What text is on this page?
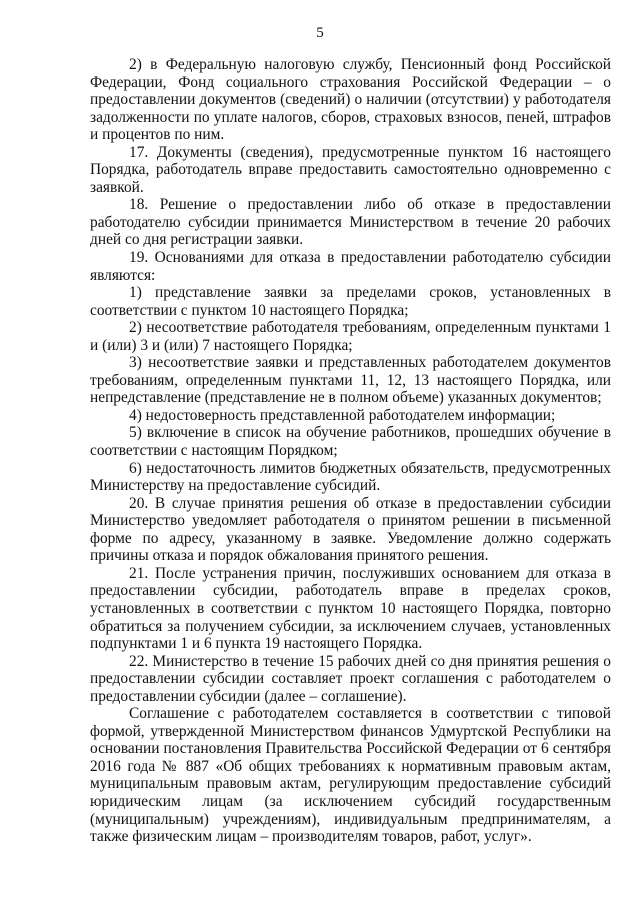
5

2) в Федеральную налоговую службу, Пенсионный фонд Российской Федерации, Фонд социального страхования Российской Федерации – о предоставлении документов (сведений) о наличии (отсутствии) у работодателя задолженности по уплате налогов, сборов, страховых взносов, пеней, штрафов и процентов по ним.

17. Документы (сведения), предусмотренные пунктом 16 настоящего Порядка, работодатель вправе предоставить самостоятельно одновременно с заявкой.

18. Решение о предоставлении либо об отказе в предоставлении работодателю субсидии принимается Министерством в течение 20 рабочих дней со дня регистрации заявки.

19. Основаниями для отказа в предоставлении работодателю субсидии являются:

1) представление заявки за пределами сроков, установленных в соответствии с пунктом 10 настоящего Порядка;

2) несоответствие работодателя требованиям, определенным пунктами 1 и (или) 3 и (или) 7 настоящего Порядка;

3) несоответствие заявки и представленных работодателем документов требованиям, определенным пунктами 11, 12, 13 настоящего Порядка, или непредставление (представление не в полном объеме) указанных документов;

4) недостоверность представленной работодателем информации;

5) включение в список на обучение работников, прошедших обучение в соответствии с настоящим Порядком;

6) недостаточность лимитов бюджетных обязательств, предусмотренных Министерству на предоставление субсидий.

20. В случае принятия решения об отказе в предоставлении субсидии Министерство уведомляет работодателя о принятом решении в письменной форме по адресу, указанному в заявке. Уведомление должно содержать причины отказа и порядок обжалования принятого решения.

21. После устранения причин, послуживших основанием для отказа в предоставлении субсидии, работодатель вправе в пределах сроков, установленных в соответствии с пунктом 10 настоящего Порядка, повторно обратиться за получением субсидии, за исключением случаев, установленных подпунктами 1 и 6 пункта 19 настоящего Порядка.

22. Министерство в течение 15 рабочих дней со дня принятия решения о предоставлении субсидии составляет проект соглашения с работодателем о предоставлении субсидии (далее – соглашение).

Соглашение с работодателем составляется в соответствии с типовой формой, утвержденной Министерством финансов Удмуртской Республики на основании постановления Правительства Российской Федерации от 6 сентября 2016 года № 887 «Об общих требованиях к нормативным правовым актам, муниципальным правовым актам, регулирующим предоставление субсидий юридическим лицам (за исключением субсидий государственным (муниципальным) учреждениям), индивидуальным предпринимателям, а также физическим лицам – производителям товаров, работ, услуг».
